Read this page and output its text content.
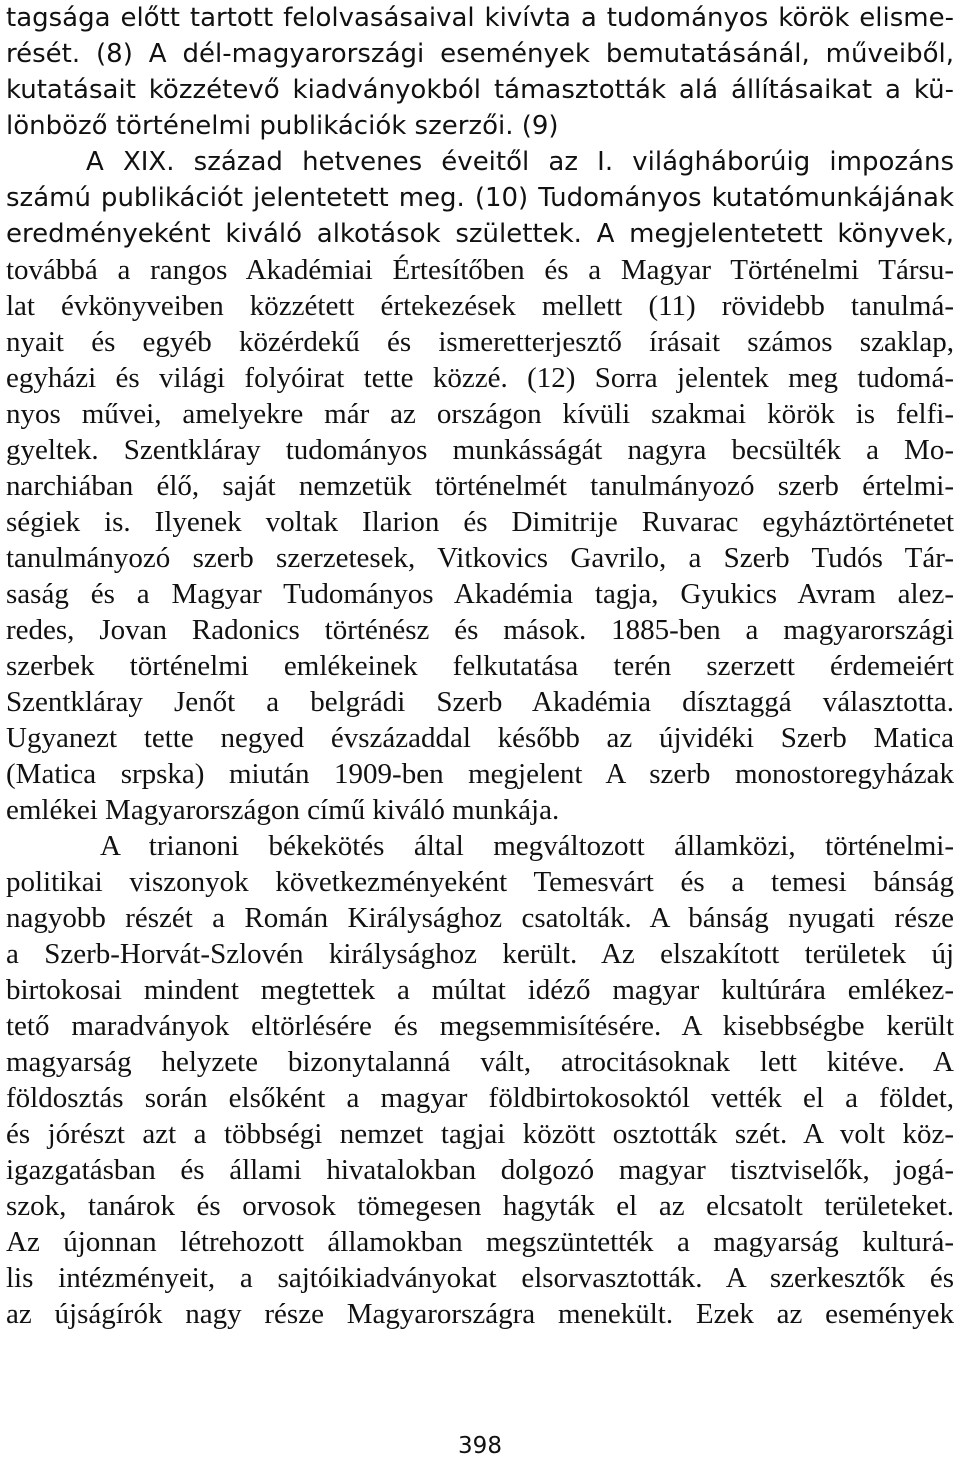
tagsága előtt tartott felolvasásaival kivívta a tudományos körök elisme-
rését. (8) A dél-magyarországi események bemutatásánál, műveiből,
kutatásait közzétevő kiadványokból támasztották alá állításaikat a kü-
lönböző történelmi publikációk szerzői. (9)
A XIX. század hetvenes éveitől az I. világháborúig impozáns
számú publikációt jelentetett meg. (10) Tudományos kutatómunkájának
eredményeként kiváló alkotások születtek. A megjelentetett könyvek,
továbbá a rangos Akadémiai Értesítőben és a Magyar Történelmi Társu-
lat évkönyveiben közzétett értekezések mellett (11) rövidebb tanulmá-
nyait és egyéb közérdekű és ismeretterjesztő írásait számos szaklap,
egyházi és világi folyóirat tette közzé. (12) Sorra jelentek meg tudomá-
nyos művei, amelyekre már az országon kívüli szakmai körök is felfi-
gyeltek. Szentkláray tudományos munkásságát nagyra becsülték a Mo-
narchiában élő, saját nemzetük történelmét tanulmányozó szerb értelmi-
ségiek is. Ilyenek voltak Ilarion és Dimitrije Ruvarac egyháztörténetet
tanulmányozó szerb szerzetesek, Vitkovics Gavrilo, a Szerb Tudós Tár-
saság és a Magyar Tudományos Akadémia tagja, Gyukics Avram alez-
redes, Jovan Radonics történész és mások. 1885-ben a magyarországi
szerbek történelmi emlékeinek felkutatása terén szerzett érdemeiért
Szentkláray Jenőt a belgrádi Szerb Akadémia dísztaggá választotta.
Ugyanezt tette negyed évszázaddal később az újvidéki Szerb Matica
(Matica srpska) miután 1909-ben megjelent A szerb monostoregyházak
emlékei Magyarországon című kiváló munkája.
A trianoni békekötés által megváltozott államközi, történelmi-
politikai viszonyok következményeként Temesvárt és a temesi bánság
nagyobb részét a Román Királysághoz csatolták. A bánság nyugati része
a Szerb-Horvát-Szlovén királysághoz került. Az elszakított területek új
birtokosai mindent megtettek a múltat idéző magyar kultúrára emlékez-
tető maradványok eltörlésére és megsemmisítésére. A kisebbségbe került
magyarság helyzete bizonytalanná vált, atrocitásoknak lett kitéve. A
földosztás során elsőként a magyar földbirtokosoktól vették el a földet,
és jórészt azt a többségi nemzet tagjai között osztották szét. A volt köz-
igazgatásban és állami hivatalokban dolgozó magyar tisztviselők, jogá-
szok, tanárok és orvosok tömegesen hagyták el az elcsatolt területeket.
Az újonnan létrehozott államokban megszüntették a magyarság kulturá-
lis intézményeit, a sajtóikiadványokat elsorvasztották. A szerkesztők és
az újságírók nagy része Magyarországra menekült. Ezek az események
398
